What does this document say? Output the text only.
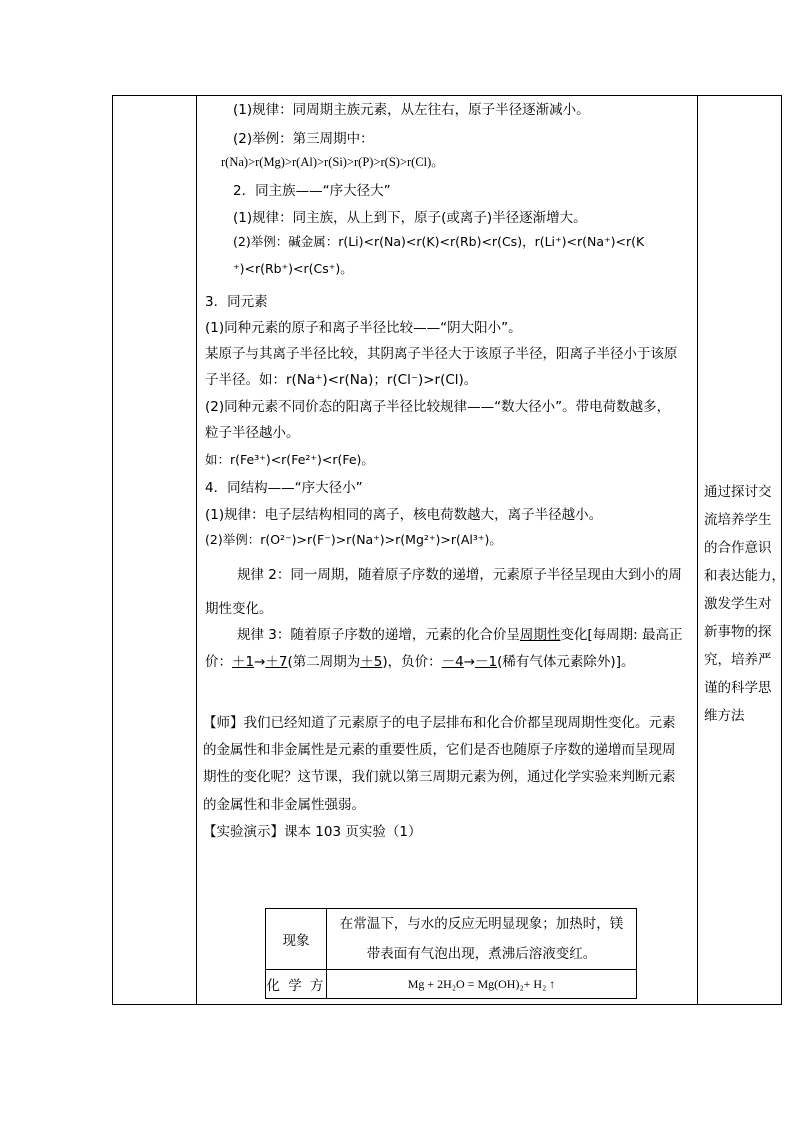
(1)规律：同周期主族元素，从左往右，原子半径逐渐减小。
(2)举例：第三周期中：
r(Na)>r(Mg)>r(Al)>r(Si)>r(P)>r(S)>r(Cl)。
2．同主族——“序大径大”
(1)规律：同主族，从上到下，原子(或离子)半径逐渐增大。
(2)举例：碱金属：r(Li)<r(Na)<r(K)<r(Rb)<r(Cs)，r(Li⁺)<r(Na⁺)<r(K
⁺)<r(Rb⁺)<r(Cs⁺)。
3．同元素
(1)同种元素的原子和离子半径比较——“阴大阳小”。
某原子与其离子半径比较，其阴离子半径大于该原子半径，阳离子半径小于该原
子半径。如：r(Na⁺)<r(Na)；r(Cl⁻)>r(Cl)。
(2)同种元素不同价态的阳离子半径比较规律——“数大径小”。带电荷数越多，
粒子半径越小。
如：r(Fe³⁺)<r(Fe²⁺)<r(Fe)。
4．同结构——“序大径小”
(1)规律：电子层结构相同的离子，核电荷数越大，离子半径越小。
(2)举例：r(O²⁻)>r(F⁻)>r(Na⁺)>r(Mg²⁺)>r(Al³⁺)。
规律 2：同一周期，随着原子序数的递增，元素原子半径呈现由大到小的周
期性变化。
规律 3：随着原子序数的递增，元素的化合价呈周期性变化[每周期: 最高正
价：＋1→＋7(第二周期为＋5)，负价：－4→－1(稀有气体元素除外)]。
【师】我们已经知道了元素原子的电子层排布和化合价都呈现周期性变化。元素
的金属性和非金属性是元素的重要性质，它们是否也随原子序数的递增而呈现周
期性的变化呢？这节课，我们就以第三周期元素为例，通过化学实验来判断元素
的金属性和非金属性强弱。
【实验演示】课本 103 页实验（1）
通过探讨交
流培养学生
的合作意识
和表达能力，
激发学生对
新事物的探
究，培养严
谨的科学思
维方法
现象	在常温下，与水的反应无明显现象；加热时，镁
带表面有气泡出现，煮沸后溶液变红。

化 学 方	Mg + 2H₂O = Mg(OH)₂+ H₂ ↑
